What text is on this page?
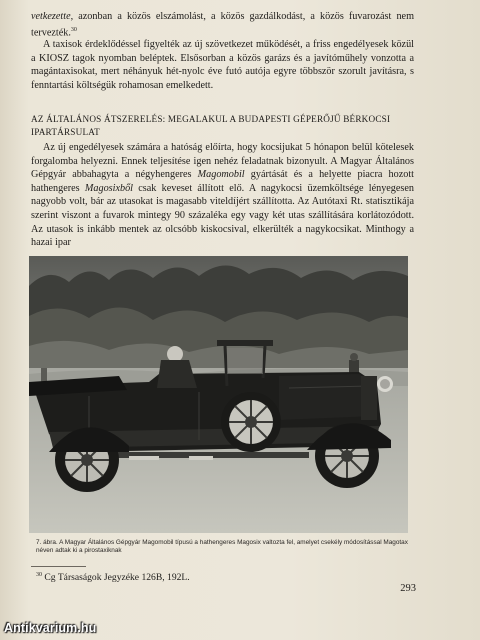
vetkezette, azonban a közös elszámolást, a közös gazdálkodást, a közös fuvarozást nem tervezték.$^{30}$

A taxisok érdeklődéssel figyelték az új szövetkezet működését, a friss engedélyesek közül a KIOSZ tagok nyomban beléptek. Elsősorban a közös garázs és a javítóműhely vonzotta a magántaxisokat, mert néhányuk hét-nyolc éve futó autója egyre többször szorult javításra, s fenntartási költségük rohamosan emelkedett.

AZ ÁLTALÁNOS ÁTSZERELÉS: MEGALAKUL A BUDAPESTI GÉPERŐJŰ BÉRKOCSI IPARTÁRSULAT

Az új engedélyesek számára a hatóság előírta, hogy kocsijukat 5 hónapon belül kötelesek forgalomba helyezni. Ennek teljesítése igen nehéz feladatnak bizonyult. A Magyar Általános Gépgyár abbahagyta a négyhengeres Magomobil gyártását és a helyette piacra hozott hathengeres Magosixből csak keveset állított elő. A nagykocsi üzemköltsége lényegesen nagyobb volt, bár az utasokat is magasabb viteldíjért szállította. Az Autótaxi Rt. statisztikája szerint viszont a fuvarok mintegy 90 százaléka egy vagy két utas szállítására korlátozódott. Az utasok is inkább mentek az olcsóbb kiskocsival, elkerülték a nagykocsikat. Minthogy a hazai ipar

7. ábra. A Magyar Általános Gépgyár Magomobil típusú a hathengeres Magosix valtozta fel, amelyet csekély módosítással Magotax néven adtak ki a pirostaxiknak

$^{30}$ Cg Társaságok Jegyzéke 126B, 192L.

293

Antikvarium.hu
